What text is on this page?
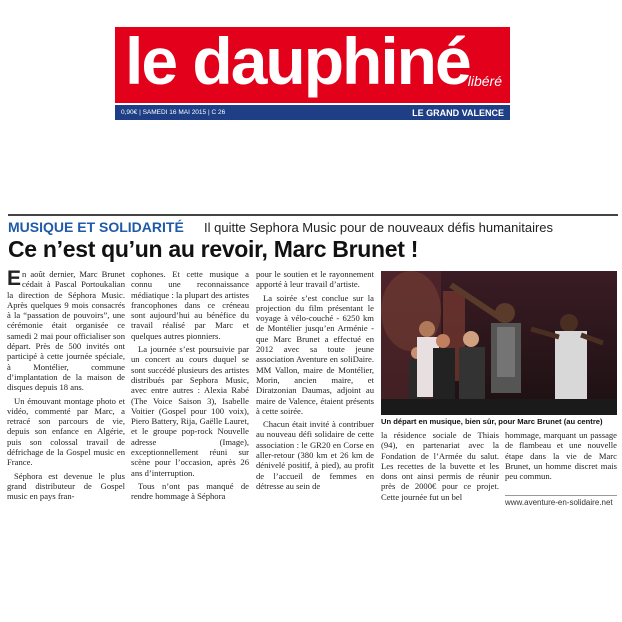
le dauphiné
libéré
0,90€ | SAMEDI 16 MAI 2015 | C 26	LE GRAND VALENCE
MUSIQUE ET SOLIDARITÉ Il quitte Sephora Music pour de nouveaux défis humanitaires
Ce n’est qu’un au revoir, Marc Brunet !

En août dernier, Marc Brunet cédait à Pascal Portoukalian la direction de Séphora Music. Après quelques 9 mois consacrés à la “passation de pouvoirs”, une cérémonie était organisée ce samedi 2 mai pour officialiser son départ. Près de 500 invités ont participé à cette journée spéciale, à Montélier, commune d’implantation de la maison de disques depuis 18 ans.

Un émouvant montage photo et vidéo, commenté par Marc, a retracé son parcours de vie, depuis son enfance en Algérie, puis son colossal travail de défrichage de la Gospel music en France.

Séphora est devenue le plus grand distributeur de Gospel music en pays fran-

cophones. Et cette musique a connu une reconnaissance médiatique : la plupart des artistes francophones dans ce créneau sont aujourd’hui au bénéfice du travail réalisé par Marc et quelques autres pionniers.

La journée s’est poursuivie par un concert au cours duquel se sont succédé plusieurs des artistes distribués par Sephora Music, avec entre autres : Alexia Rabé (The Voice Saison 3), Isabelle Voitier (Gospel pour 100 voix), Piero Battery, Rija, Gaëlle Lauret, et le groupe pop-rock Nouvelle adresse (Image), exceptionnellement réuni sur scène pour l’occasion, après 26 ans d’interruption.

Tous n’ont pas manqué de rendre hommage à Séphora

pour le soutien et le rayonnement apporté à leur travail d’artiste.

La soirée s’est conclue sur la projection du film présentant le voyage à vélo-couché - 6250 km de Montélier jusqu’en Arménie - que Marc Brunet a effectué en 2012 avec sa toute jeune association Aventure en soliDaire. MM Vallon, maire de Montélier, Morin, ancien maire, et Diratzonian Daumas, adjoint au maire de Valence, étaient présents à cette soirée.

Chacun était invité à contribuer au nouveau défi solidaire de cette association : le GR20 en Corse en aller-retour (380 km et 26 km de dénivelé positif, à pied), au profit de l’accueil de femmes en détresse au sein de

Un départ en musique, bien sûr, pour Marc Brunet (au centre)

la résidence sociale de Thiais (94), en partenariat avec la Fondation de l’Armée du salut. Les recettes de la buvette et les dons ont ainsi permis de réunir près de 2000€ pour ce projet. Cette journée fut un bel

hommage, marquant un passage de flambeau et une nouvelle étape dans la vie de Marc Brunet, un homme discret mais peu commun.

www.aventure-en-solidaire.net
